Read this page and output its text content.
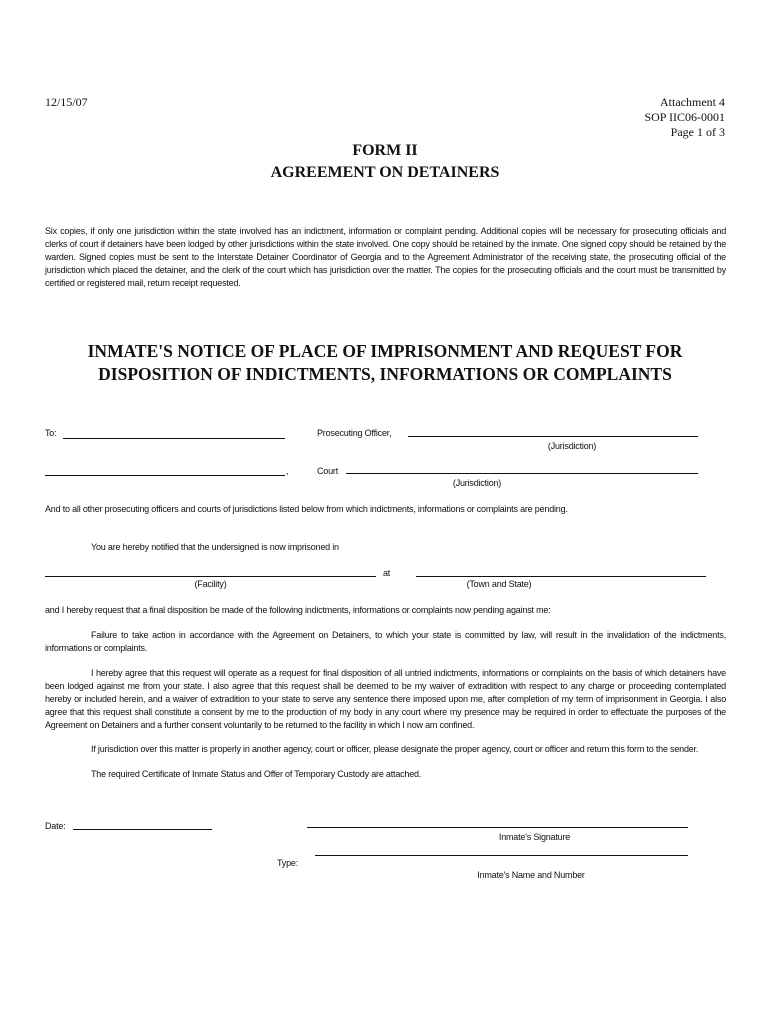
12/15/07	Attachment 4
SOP IIC06-0001
Page 1 of 3
FORM II
AGREEMENT ON DETAINERS
Six copies, if only one jurisdiction within the state involved has an indictment, information or complaint pending. Additional copies will be necessary for prosecuting officials and clerks of court if detainers have been lodged by other jurisdictions within the state involved. One copy should be retained by the inmate. One signed copy should be retained by the warden. Signed copies must be sent to the Interstate Detainer Coordinator of Georgia and to the Agreement Administrator of the receiving state, the prosecuting official of the jurisdiction which placed the detainer, and the clerk of the court which has jurisdiction over the matter. The copies for the prosecuting officials and the court must be transmitted by certified or registered mail, return receipt requested.
INMATE'S NOTICE OF PLACE OF IMPRISONMENT AND REQUEST FOR
DISPOSITION OF INDICTMENTS, INFORMATIONS OR COMPLAINTS
To:	Prosecuting Officer,
(Jurisdiction)
,	Court
(Jurisdiction)
And to all other prosecuting officers and courts of jurisdictions listed below from which indictments, informations or complaints are pending.
You are hereby notified that the undersigned is now imprisoned in
at
(Facility)	(Town and State)
and I hereby request that a final disposition be made of the following indictments, informations or complaints now pending against me:
Failure to take action in accordance with the Agreement on Detainers, to which your state is committed by law, will result in the invalidation of the indictments, informations or complaints.
I hereby agree that this request will operate as a request for final disposition of all untried indictments, informations or complaints on the basis of which detainers have been lodged against me from your state. I also agree that this request shall be deemed to be my waiver of extradition with respect to any charge or proceeding contemplated hereby or included herein, and a waiver of extradition to your state to serve any sentence there imposed upon me, after completion of my term of imprisonment in Georgia. I also agree that this request shall constitute a consent by me to the production of my body in any court where my presence may be required in order to effectuate the purposes of the Agreement on Detainers and a further consent voluntarily to be returned to the facility in which I now am confined.
If jurisdiction over this matter is properly in another agency, court or officer, please designate the proper agency, court or officer and return this form to the sender.
The required Certificate of Inmate Status and Offer of Temporary Custody are attached.
Date:
Inmate's Signature
Type:
Inmate's Name and Number
